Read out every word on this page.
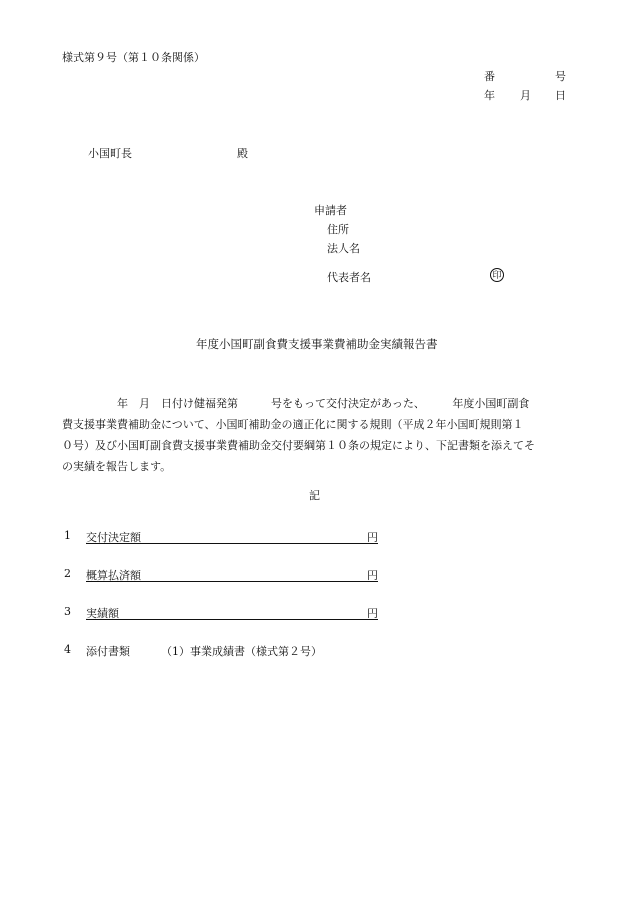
様式第９号（第１０条関係）
番	号
年 月 日
小国町長	殿
申請者
住所
法人名
代表者名	印
年度小国町副食費支援事業費補助金実績報告書

　　　　　年　月　日付け健福発第　　　号をもって交付決定があった、　　　年度小国町副食

費支援事業費補助金について、小国町補助金の適正化に関する規則（平成２年小国町規則第１

０号）及び小国町副食費支援事業費補助金交付要綱第１０条の規定により、下記書類を添えてそ

の実績を報告します。

記
1 交付決定額	円
2 概算払済額	円
3 実績額	円
4 添付書類	（1）事業成績書（様式第２号）
